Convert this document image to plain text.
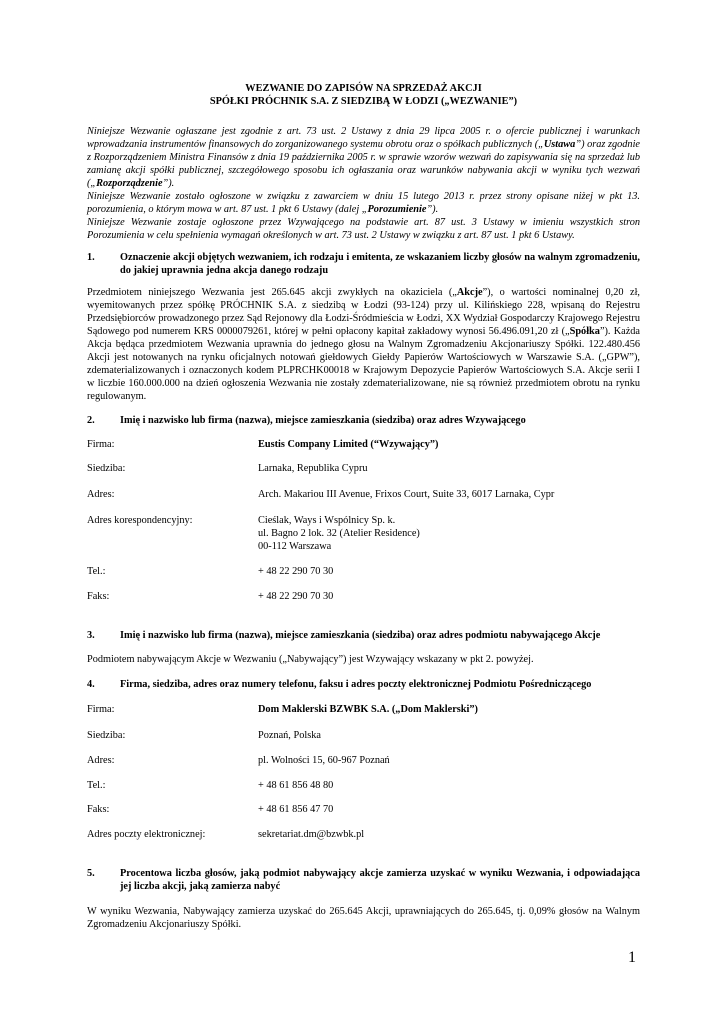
WEZWANIE DO ZAPISÓW NA SPRZEDAŻ AKCJI
SPÓŁKI PRÓCHNIK S.A. Z SIEDZIBĄ W ŁODZI („WEZWANIE”)

Niniejsze Wezwanie ogłaszane jest zgodnie z art. 73 ust. 2 Ustawy z dnia 29 lipca 2005 r. o ofercie publicznej i warunkach wprowadzania instrumentów finansowych do zorganizowanego systemu obrotu oraz o spółkach publicznych („Ustawa”) oraz zgodnie z Rozporządzeniem Ministra Finansów z dnia 19 października 2005 r. w sprawie wzorów wezwań do zapisywania się na sprzedaż lub zamianę akcji spółki publicznej, szczegółowego sposobu ich ogłaszania oraz warunków nabywania akcji w wyniku tych wezwań („Rozporządzenie”).

Niniejsze Wezwanie zostało ogłoszone w związku z zawarciem w dniu 15 lutego 2013 r. przez strony opisane niżej w pkt 13. porozumienia, o którym mowa w art. 87 ust. 1 pkt 6 Ustawy (dalej „Porozumienie”).

Niniejsze Wezwanie zostaje ogłoszone przez Wzywającego na podstawie art. 87 ust. 3 Ustawy w imieniu wszystkich stron Porozumienia w celu spełnienia wymagań określonych w art. 73 ust. 2 Ustawy w związku z art. 87 ust. 1 pkt 6 Ustawy.

1. Oznaczenie akcji objętych wezwaniem, ich rodzaju i emitenta, ze wskazaniem liczby głosów na walnym zgromadzeniu, do jakiej uprawnia jedna akcja danego rodzaju

Przedmiotem niniejszego Wezwania jest 265.645 akcji zwykłych na okaziciela („Akcje”), o wartości nominalnej 0,20 zł, wyemitowanych przez spółkę PRÓCHNIK S.A. z siedzibą w Łodzi (93-124) przy ul. Kilińskiego 228, wpisaną do Rejestru Przedsiębiorców prowadzonego przez Sąd Rejonowy dla Łodzi-Śródmieścia w Łodzi, XX Wydział Gospodarczy Krajowego Rejestru Sądowego pod numerem KRS 0000079261, której w pełni opłacony kapitał zakładowy wynosi 56.496.091,20 zł („Spółka”). Każda Akcja będąca przedmiotem Wezwania uprawnia do jednego głosu na Walnym Zgromadzeniu Akcjonariuszy Spółki. 122.480.456 Akcji jest notowanych na rynku oficjalnych notowań giełdowych Giełdy Papierów Wartościowych w Warszawie S.A. („GPW”), zdematerializowanych i oznaczonych kodem PLPRCHK00018 w Krajowym Depozycie Papierów Wartościowych S.A. Akcje serii I w liczbie 160.000.000 na dzień ogłoszenia Wezwania nie zostały zdematerializowane, nie są również przedmiotem obrotu na rynku regulowanym.

2. Imię i nazwisko lub firma (nazwa), miejsce zamieszkania (siedziba) oraz adres Wzywającego
Firma:	Eustis Company Limited (“Wzywający”)
Siedziba:	Larnaka, Republika Cypru
Adres:	Arch. Makariou III Avenue, Frixos Court, Suite 33, 6017 Larnaka, Cypr
Adres korespondencyjny:	Cieślak, Ways i Wspólnicy Sp. k.
ul. Bagno 2 lok. 32 (Atelier Residence)
00-112 Warszawa
Tel.:	+ 48 22 290 70 30
Faks:	+ 48 22 290 70 30
3. Imię i nazwisko lub firma (nazwa), miejsce zamieszkania (siedziba) oraz adres podmiotu nabywającego Akcje

Podmiotem nabywającym Akcje w Wezwaniu („Nabywający”) jest Wzywający wskazany w pkt 2. powyżej.

4. Firma, siedziba, adres oraz numery telefonu, faksu i adres poczty elektronicznej Podmiotu Pośredniczącego
Firma:	Dom Maklerski BZWBK S.A. („Dom Maklerski”)
Siedziba:	Poznań, Polska
Adres:	pl. Wolności 15, 60-967 Poznań
Tel.:	+ 48 61 856 48 80
Faks:	+ 48 61 856 47 70
Adres poczty elektronicznej:	sekretariat.dm@bzwbk.pl
5. Procentowa liczba głosów, jaką podmiot nabywający akcje zamierza uzyskać w wyniku Wezwania, i odpowiadająca jej liczba akcji, jaką zamierza nabyć

W wyniku Wezwania, Nabywający zamierza uzyskać do 265.645 Akcji, uprawniających do 265.645, tj. 0,09% głosów na Walnym Zgromadzeniu Akcjonariuszy Spółki.

1
